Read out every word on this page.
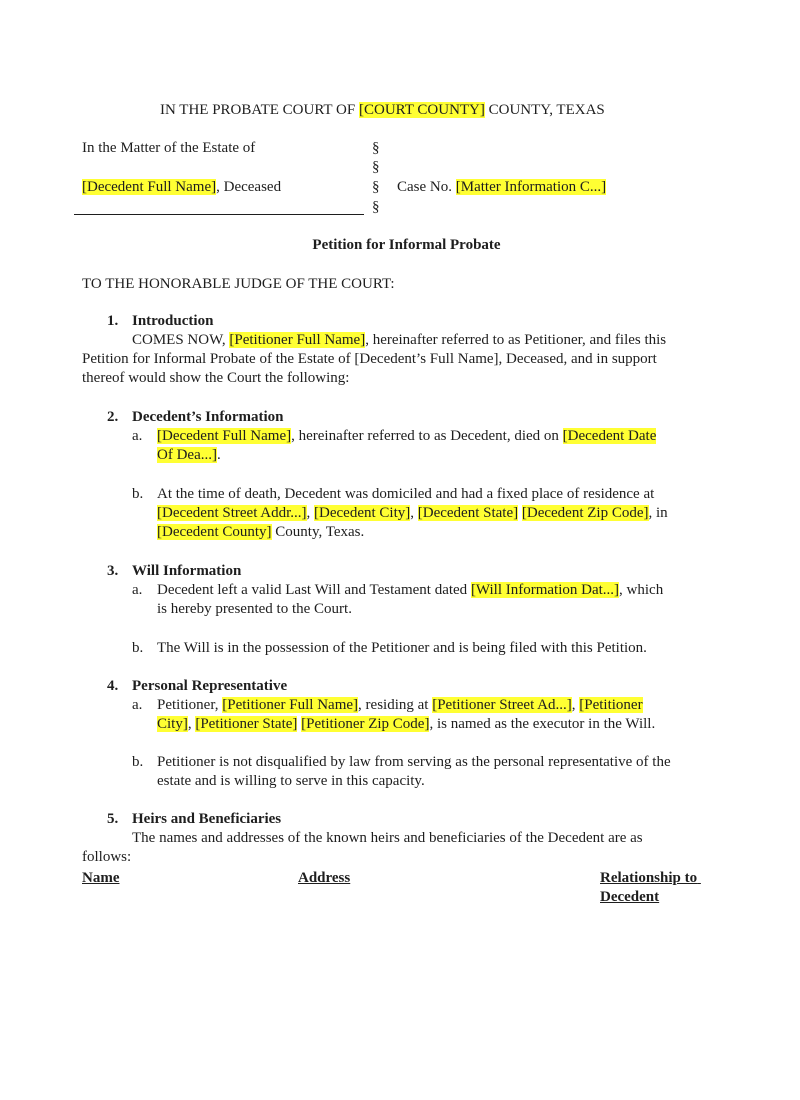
IN THE PROBATE COURT OF [COURT COUNTY] COUNTY, TEXAS
In the Matter of the Estate of
[Decedent Full Name], Deceased
§
§
§
§
Case No. [Matter Information C...]
Petition for Informal Probate
TO THE HONORABLE JUDGE OF THE COURT:
1. Introduction
COMES NOW, [Petitioner Full Name], hereinafter referred to as Petitioner, and files this
Petition for Informal Probate of the Estate of [Decedent’s Full Name], Deceased, and in support
thereof would show the Court the following:
2. Decedent’s Information
a. [Decedent Full Name], hereinafter referred to as Decedent, died on [Decedent Date
Of Dea...].
b. At the time of death, Decedent was domiciled and had a fixed place of residence at
[Decedent Street Addr...], [Decedent City], [Decedent State] [Decedent Zip Code], in
[Decedent County] County, Texas.
3. Will Information
a. Decedent left a valid Last Will and Testament dated [Will Information Dat...], which
is hereby presented to the Court.
b. The Will is in the possession of the Petitioner and is being filed with this Petition.
4. Personal Representative
a. Petitioner, [Petitioner Full Name], residing at [Petitioner Street Ad...], [Petitioner
City], [Petitioner State] [Petitioner Zip Code], is named as the executor in the Will.
b. Petitioner is not disqualified by law from serving as the personal representative of the
estate and is willing to serve in this capacity.
5. Heirs and Beneficiaries
The names and addresses of the known heirs and beneficiaries of the Decedent are as
follows:
Name	Address	Relationship to
Decedent
